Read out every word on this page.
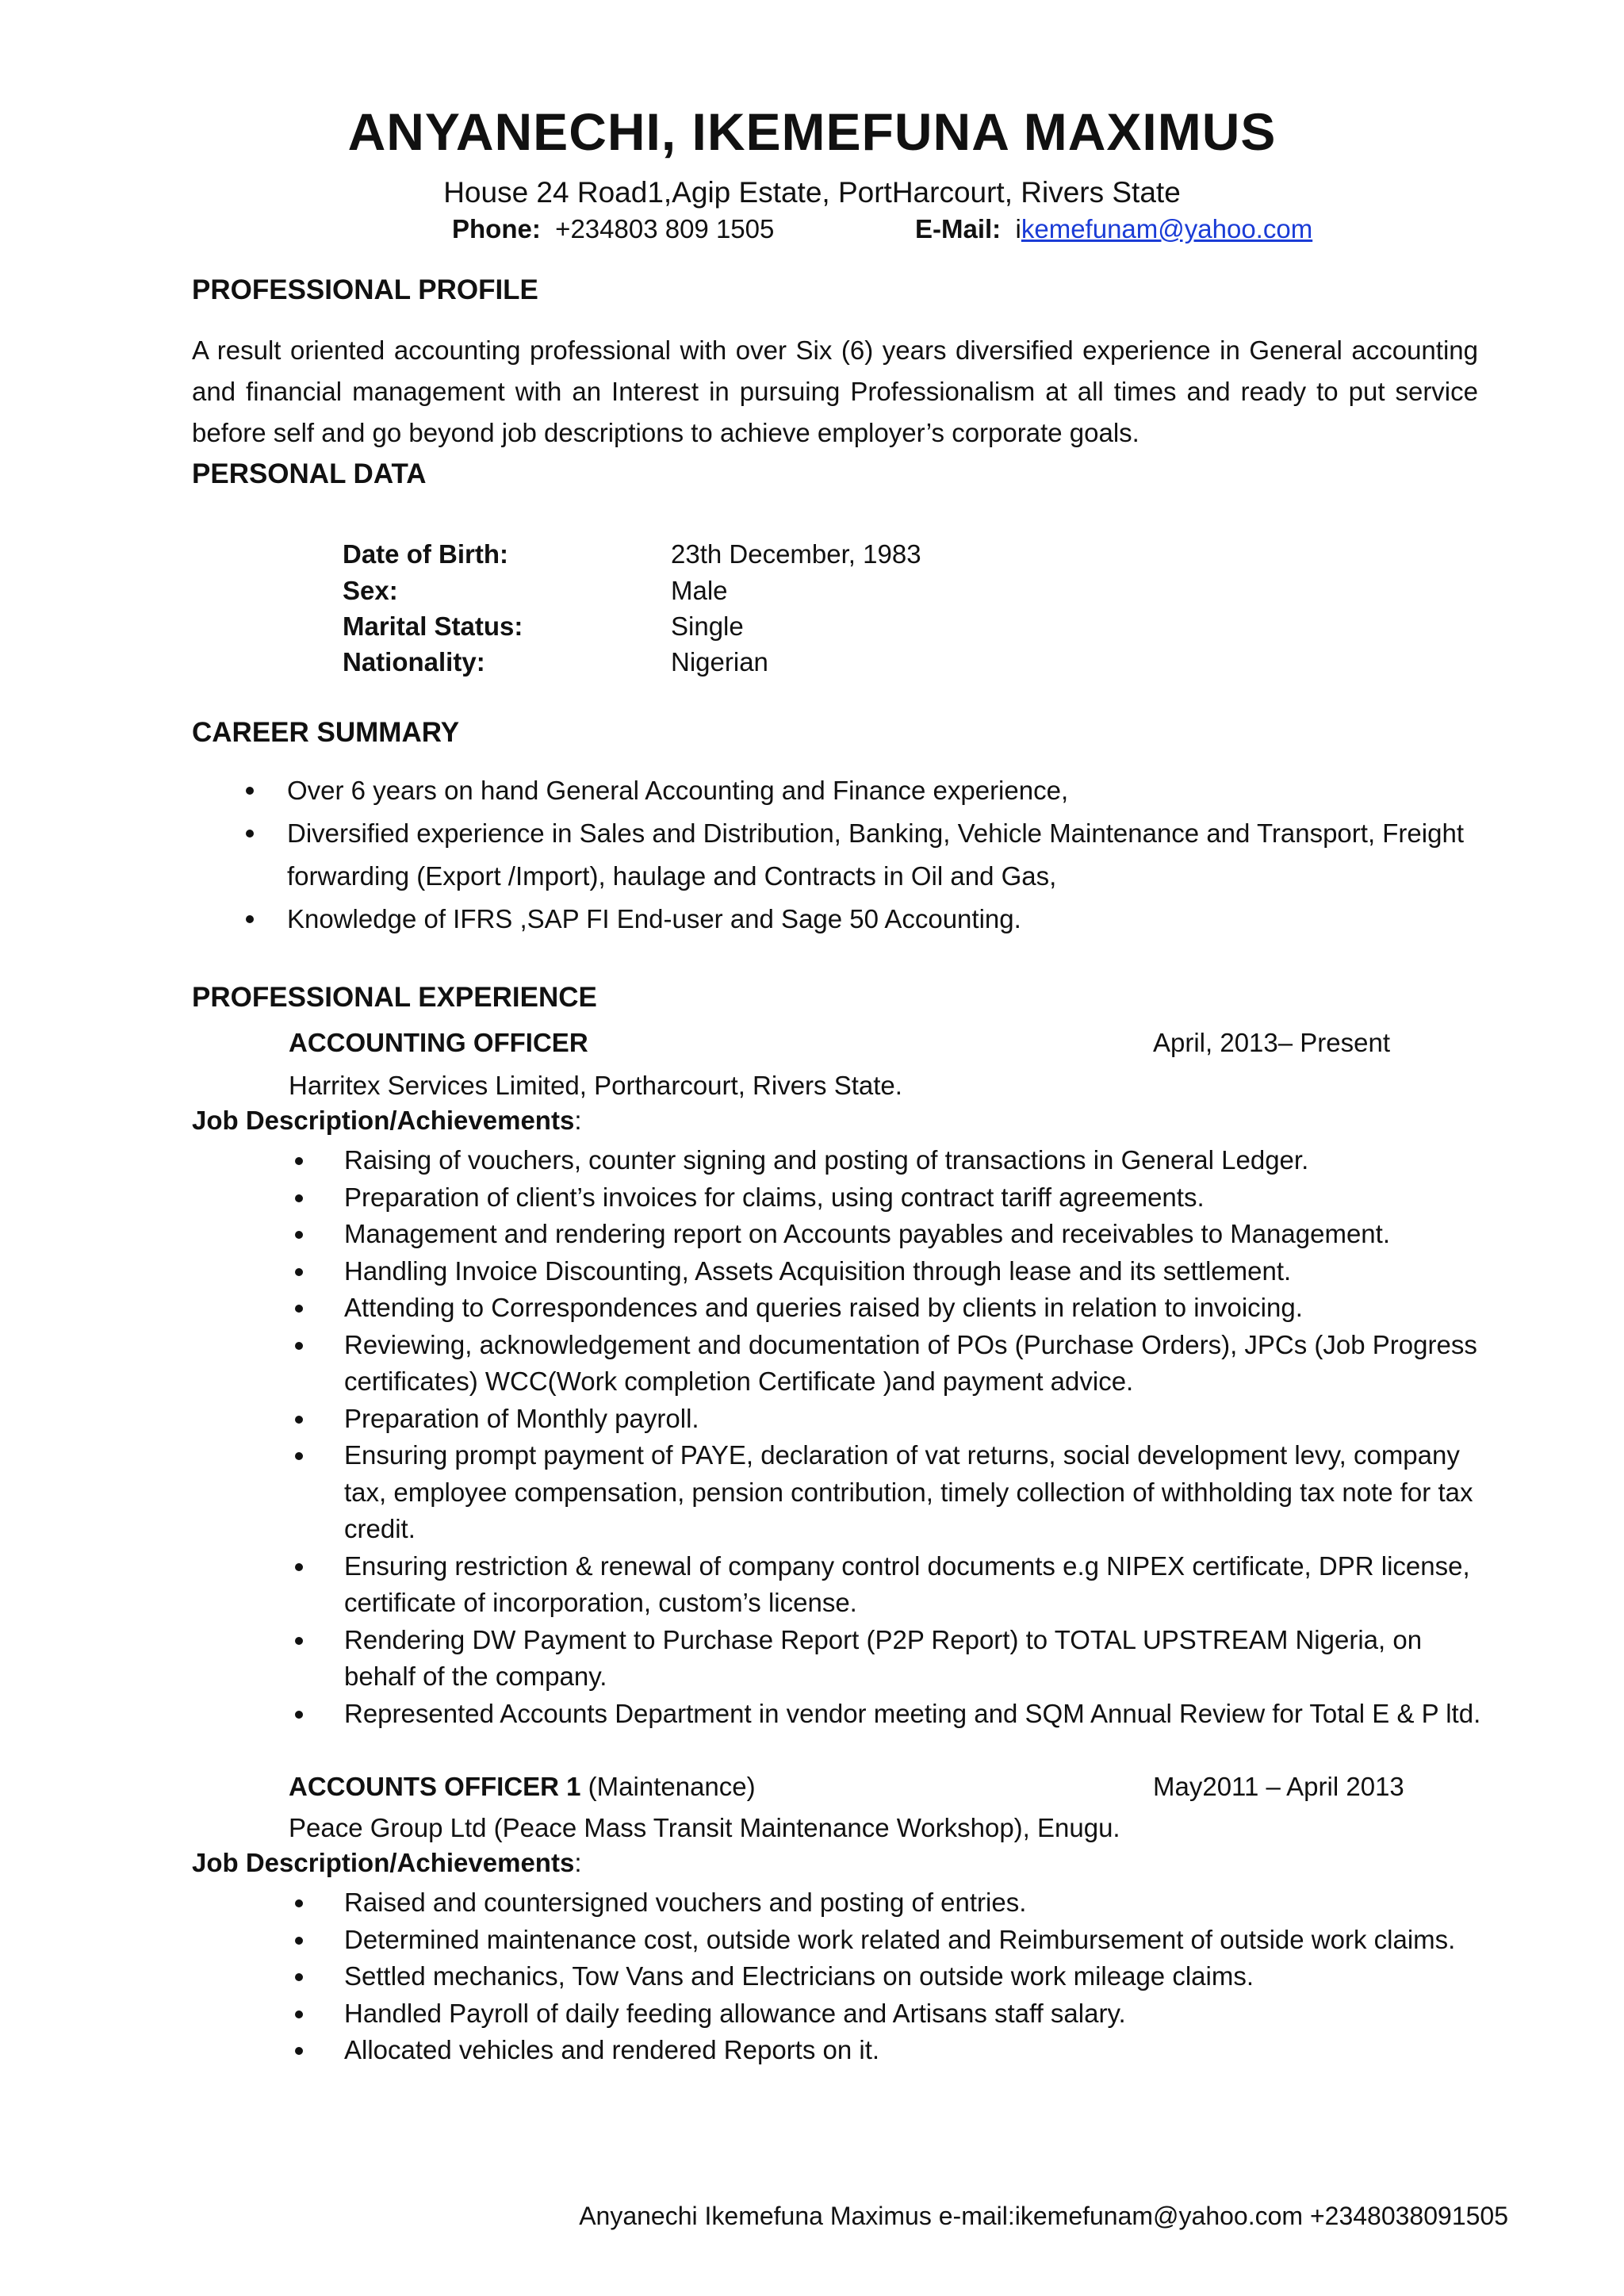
ANYANECHI, IKEMEFUNA MAXIMUS
House 24 Road1,Agip Estate, PortHarcourt, Rivers State
Phone: +234803 809 1505	E-Mail: ikemefunam@yahoo.com
PROFESSIONAL PROFILE
A result oriented accounting professional with over Six (6) years diversified experience in General accounting and financial management with an Interest in pursuing Professionalism at all times and ready to put service before self and go beyond job descriptions to achieve employer’s corporate goals.
PERSONAL DATA
Date of Birth:	23th December, 1983
Sex:	Male
Marital Status:	Single
Nationality:	Nigerian
CAREER SUMMARY
Over 6 years on hand General Accounting and Finance experience,
Diversified experience in Sales and Distribution, Banking, Vehicle Maintenance and Transport, Freight forwarding (Export /Import), haulage and Contracts in Oil and Gas,
Knowledge of IFRS ,SAP FI End-user and Sage 50 Accounting.
PROFESSIONAL EXPERIENCE
ACCOUNTING OFFICER	April, 2013– Present
Harritex Services Limited, Portharcourt, Rivers State.
Job Description/Achievements:
Raising of vouchers, counter signing and posting of transactions in General Ledger.
Preparation of client’s invoices for claims, using contract tariff agreements.
Management and rendering report on Accounts payables and receivables to Management.
Handling Invoice Discounting, Assets Acquisition through lease and its settlement.
Attending to Correspondences and queries raised by clients in relation to invoicing.
Reviewing, acknowledgement and documentation of POs (Purchase Orders), JPCs (Job Progress certificates) WCC(Work completion Certificate )and payment advice.
Preparation of Monthly payroll.
Ensuring prompt payment of PAYE, declaration of vat returns, social development levy, company tax, employee compensation, pension contribution, timely collection of withholding tax note for tax credit.
Ensuring restriction & renewal of company control documents e.g NIPEX certificate, DPR license, certificate of incorporation, custom’s license.
Rendering DW Payment to Purchase Report (P2P Report) to TOTAL UPSTREAM Nigeria, on behalf of the company.
Represented Accounts Department in vendor meeting and SQM Annual Review for Total E & P ltd.
ACCOUNTS OFFICER 1 (Maintenance)	May2011 – April 2013
Peace Group Ltd (Peace Mass Transit Maintenance Workshop), Enugu.
Job Description/Achievements:
Raised and countersigned vouchers and posting of entries.
Determined maintenance cost, outside work related and Reimbursement of outside work claims.
Settled mechanics, Tow Vans and Electricians on outside work mileage claims.
Handled Payroll of daily feeding allowance and Artisans staff salary.
Allocated vehicles and rendered Reports on it.
Anyanechi Ikemefuna Maximus e-mail:ikemefunam@yahoo.com +2348038091505
